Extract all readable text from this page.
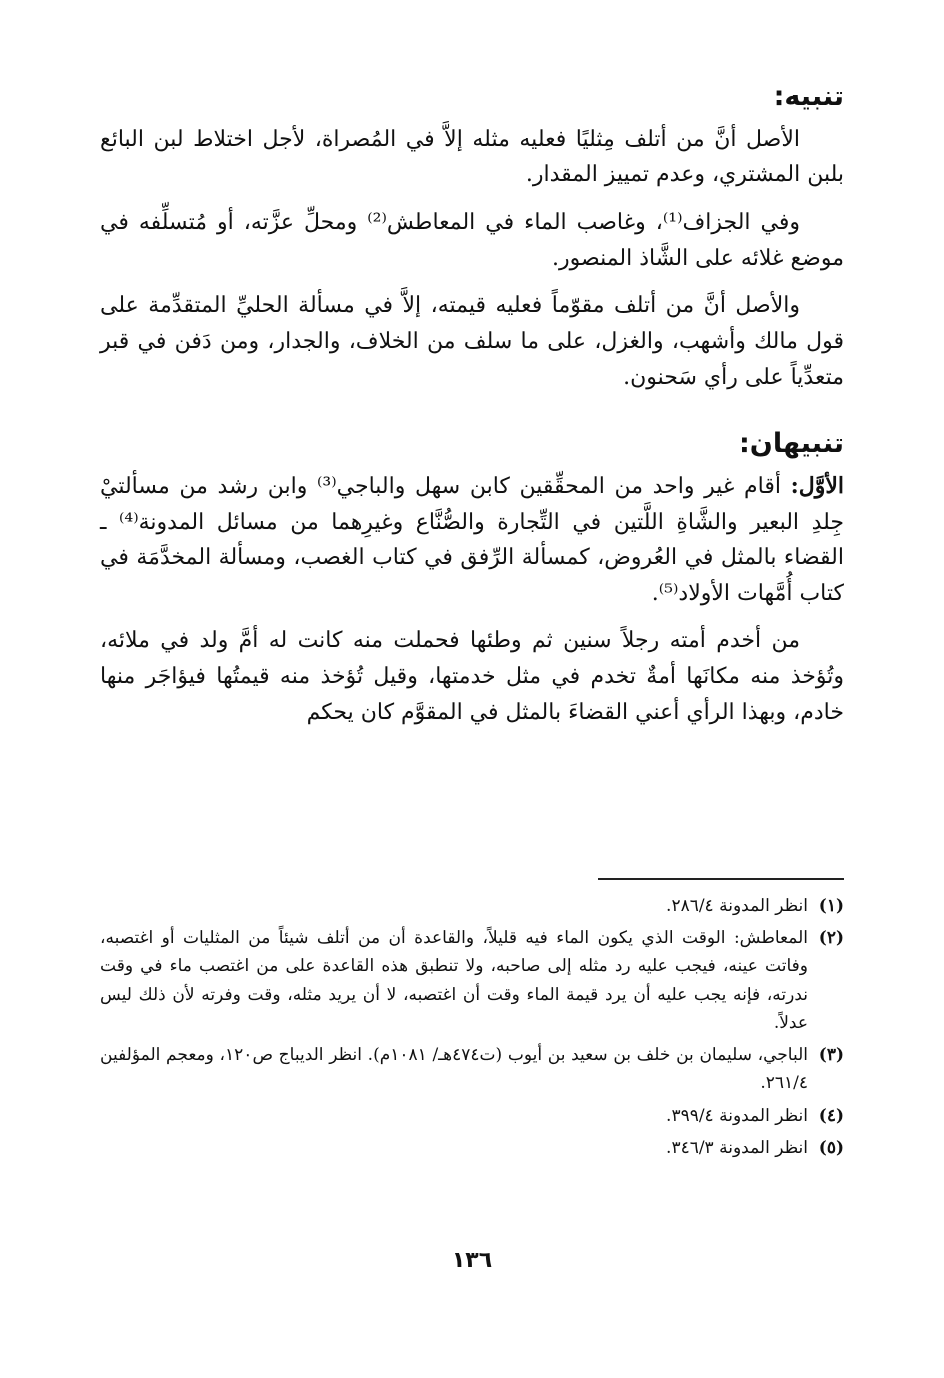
تنبيه:

الأصل أنَّ من أتلف مِثليًا فعليه مثله إلاَّ في المُصراة، لأجل اختلاط لبن البائع بلبن المشتري، وعدم تمييز المقدار.

وفي الجزاف⁽¹⁾، وغاصب الماء في المعاطش⁽²⁾ ومحلِّ عزَّته، أو مُتسلِّفه في موضع غلائه على الشَّاذ المنصور.

والأصل أنَّ من أتلف مقوّماً فعليه قيمته، إلاَّ في مسألة الحليِّ المتقدِّمة على قول مالك وأشهب، والغزل، على ما سلف من الخلاف، والجدار، ومن دَفن في قبر متعدِّياً على رأي سَحنون.

تنبيهان:

الأوَّل: أقام غير واحد من المحقِّقين كابن سهل والباجي⁽³⁾ وابن رشد من مسألتيْ جِلدِ البعير والشَّاةِ اللَّتين في التِّجارة والصُّنَّاع وغيرِهما من مسائل المدونة⁽⁴⁾ ـ القضاء بالمثل في العُروض، كمسألة الرِّفق في كتاب الغصب، ومسألة المخدَّمَة في كتاب أُمَّهات الأولاد⁽⁵⁾.

من أخدم أمته رجلاً سنين ثم وطئها فحملت منه كانت له أمَّ ولد في ملائه، وتُؤخذ منه مكانَها أمةٌ تخدم في مثل خدمتها، وقيل تُؤخذ منه قيمتُها فيؤاجَر منها خادم، وبهذا الرأي أعني القضاءَ بالمثل في المقوَّم كان يحكم

(١)
انظر المدونة ٢٨٦/٤.
(٢)
المعاطش: الوقت الذي يكون الماء فيه قليلاً، والقاعدة أن من أتلف شيئاً من المثليات أو اغتصبه، وفاتت عينه، فيجب عليه رد مثله إلى صاحبه، ولا تنطبق هذه القاعدة على من اغتصب ماء في وقت ندرته، فإنه يجب عليه أن يرد قيمة الماء وقت أن اغتصبه، لا أن يريد مثله، وقت وفرته لأن ذلك ليس عدلاً.
(٣)
الباجي، سليمان بن خلف بن سعيد بن أيوب (ت٤٧٤هـ/ ١٠٨١م). انظر الديباج ص١٢٠، ومعجم المؤلفين ٢٦١/٤.
(٤)
انظر المدونة ٣٩٩/٤.
(٥)
انظر المدونة ٣٤٦/٣.
١٣٦
